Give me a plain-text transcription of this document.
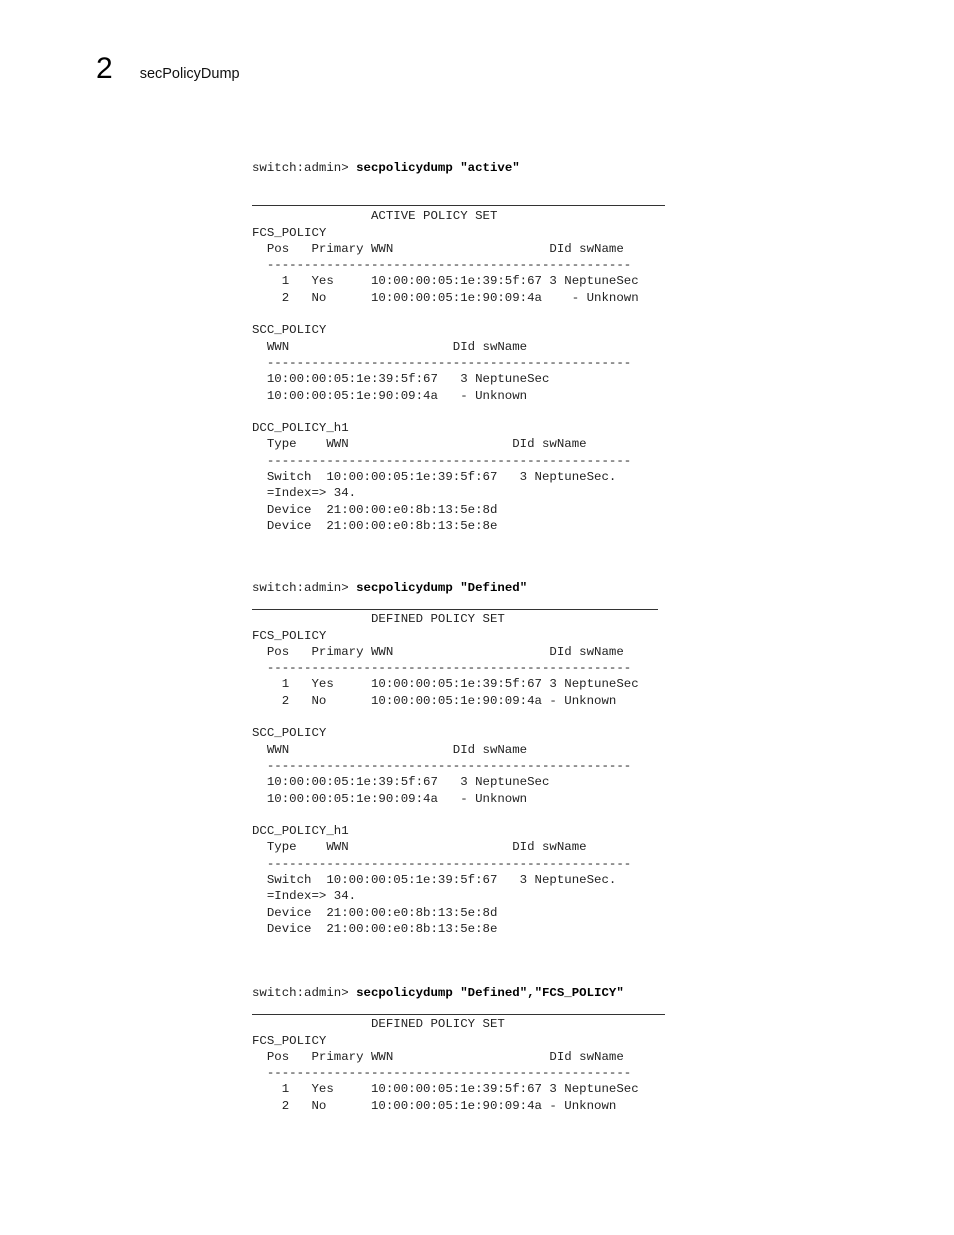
2 secPolicyDump
switch:admin> secpolicydump "active"
ACTIVE POLICY SET
FCS_POLICY
Pos   Primary WWN                     DId swName
-------------------------------------------------
1   Yes     10:00:00:05:1e:39:5f:67 3 NeptuneSec
2   No      10:00:00:05:1e:90:09:4a    - Unknown
SCC_POLICY
WWN                      DId swName
-------------------------------------------------
10:00:00:05:1e:39:5f:67   3 NeptuneSec
10:00:00:05:1e:90:09:4a   - Unknown
DCC_POLICY_h1
Type    WWN                      DId swName
-------------------------------------------------
Switch  10:00:00:05:1e:39:5f:67   3 NeptuneSec.
=Index=> 34.
Device  21:00:00:e0:8b:13:5e:8d
Device  21:00:00:e0:8b:13:5e:8e
switch:admin> secpolicydump "Defined"
DEFINED POLICY SET
FCS_POLICY
Pos   Primary WWN                     DId swName
-------------------------------------------------
1   Yes     10:00:00:05:1e:39:5f:67 3 NeptuneSec
2   No      10:00:00:05:1e:90:09:4a - Unknown
SCC_POLICY
WWN                      DId swName
-------------------------------------------------
10:00:00:05:1e:39:5f:67   3 NeptuneSec
10:00:00:05:1e:90:09:4a   - Unknown
DCC_POLICY_h1
Type    WWN                      DId swName
-------------------------------------------------
Switch  10:00:00:05:1e:39:5f:67   3 NeptuneSec.
=Index=> 34.
Device  21:00:00:e0:8b:13:5e:8d
Device  21:00:00:e0:8b:13:5e:8e
switch:admin> secpolicydump "Defined","FCS_POLICY"
DEFINED POLICY SET
FCS_POLICY
Pos   Primary WWN                     DId swName
-------------------------------------------------
1   Yes     10:00:00:05:1e:39:5f:67 3 NeptuneSec
2   No      10:00:00:05:1e:90:09:4a - Unknown
